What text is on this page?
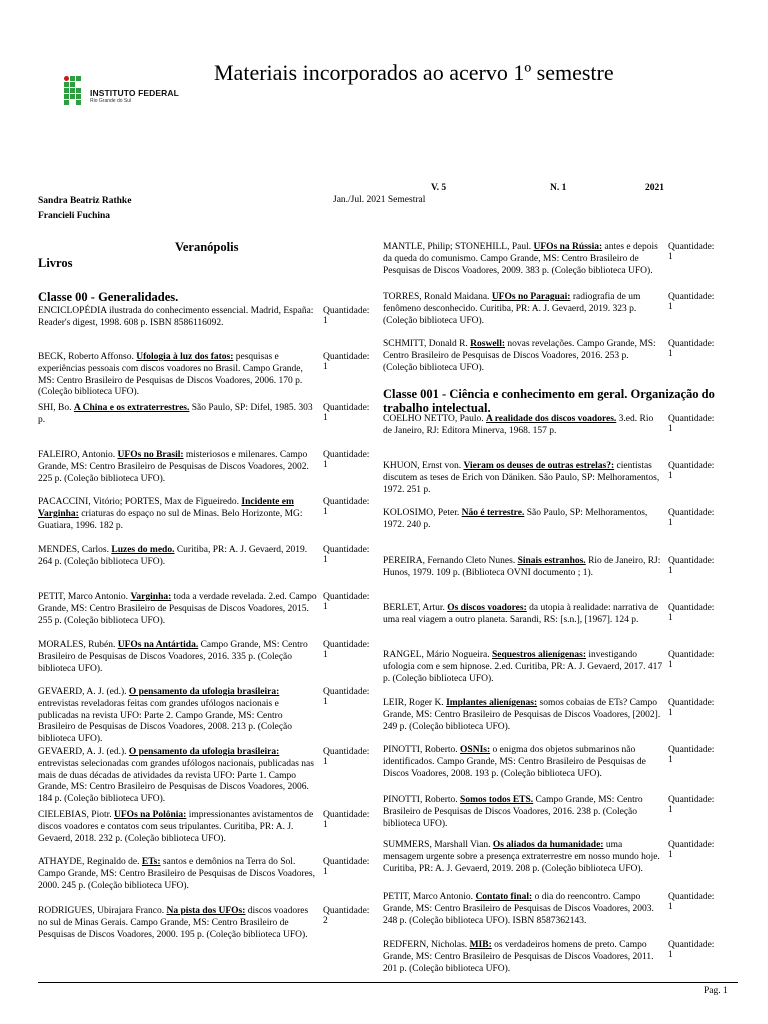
INSTITUTO FEDERAL
Rio Grande do Sul
Materiais incorporados ao acervo 1º semestre
V. 5	N. 1	2021
Sandra Beatriz Rathke	Jan./Jul. 2021 Semestral
Francieli Fuchina
Veranópolis
Livros
Classe 00 - Generalidades.
Classe 001 - Ciência e conhecimento em geral. Organização do trabalho intelectual.
ENCICLOPÉDIA ilustrada do conhecimento essencial. Madrid, España: Reader's digest, 1998. 608 p. ISBN 8586116092.
Quantidade:
1
BECK, Roberto Affonso. Ufologia à luz dos fatos: pesquisas e experiências pessoais com discos voadores no Brasil. Campo Grande, MS: Centro Brasileiro de Pesquisas de Discos Voadores, 2006. 170 p. (Coleção biblioteca UFO).
Quantidade:
1
SHI, Bo. A China e os extraterrestres. São Paulo, SP: Difel, 1985. 303 p.
Quantidade:
1
FALEIRO, Antonio. UFOs no Brasil: misteriosos e milenares. Campo Grande, MS: Centro Brasileiro de Pesquisas de Discos Voadores, 2002. 225 p. (Coleção biblioteca UFO).
Quantidade:
1
PACACCINI, Vitório; PORTES, Max de Figueiredo. Incidente em Varginha: criaturas do espaço no sul de Minas. Belo Horizonte, MG: Guatiara, 1996. 182 p.
Quantidade:
1
MENDES, Carlos. Luzes do medo. Curitiba, PR: A. J. Gevaerd, 2019. 264 p. (Coleção biblioteca UFO).
Quantidade:
1
PETIT, Marco Antonio. Varginha: toda a verdade revelada. 2.ed. Campo Grande, MS: Centro Brasileiro de Pesquisas de Discos Voadores, 2015. 255 p. (Coleção biblioteca UFO).
Quantidade:
1
MORALES, Rubén. UFOs na Antártida. Campo Grande, MS: Centro Brasileiro de Pesquisas de Discos Voadores, 2016. 335 p. (Coleção biblioteca UFO).
Quantidade:
1
GEVAERD, A. J. (ed.). O pensamento da ufologia brasileira: entrevistas reveladoras feitas com grandes ufólogos nacionais e publicadas na revista UFO: Parte 2. Campo Grande, MS: Centro Brasileiro de Pesquisas de Discos Voadores, 2008. 213 p. (Coleção biblioteca UFO).
Quantidade:
1
GEVAERD, A. J. (ed.). O pensamento da ufologia brasileira: entrevistas selecionadas com grandes ufólogos nacionais, publicadas nas mais de duas décadas de atividades da revista UFO: Parte 1. Campo Grande, MS: Centro Brasileiro de Pesquisas de Discos Voadores, 2006. 184 p. (Coleção biblioteca UFO).
Quantidade:
1
CIELEBIAS, Piotr. UFOs na Polônia: impressionantes avistamentos de discos voadores e contatos com seus tripulantes. Curitiba, PR: A. J. Gevaerd, 2018. 232 p. (Coleção biblioteca UFO).
Quantidade:
1
ATHAYDE, Reginaldo de. ETs: santos e demônios na Terra do Sol. Campo Grande, MS: Centro Brasileiro de Pesquisas de Discos Voadores, 2000. 245 p. (Coleção biblioteca UFO).
Quantidade:
1
RODRIGUES, Ubirajara Franco. Na pista dos UFOs: discos voadores no sul de Minas Gerais. Campo Grande, MS: Centro Brasileiro de Pesquisas de Discos Voadores, 2000. 195 p. (Coleção biblioteca UFO).
Quantidade:
2
MANTLE, Philip; STONEHILL, Paul. UFOs na Rússia: antes e depois da queda do comunismo. Campo Grande, MS: Centro Brasileiro de Pesquisas de Discos Voadores, 2009. 383 p. (Coleção biblioteca UFO).
Quantidade:
1
TORRES, Ronald Maidana. UFOs no Paraguai: radiografia de um fenômeno desconhecido. Curitiba, PR: A. J. Gevaerd, 2019. 323 p. (Coleção biblioteca UFO).
Quantidade:
1
SCHMITT, Donald R. Roswell: novas revelações. Campo Grande, MS: Centro Brasileiro de Pesquisas de Discos Voadores, 2016. 253 p. (Coleção biblioteca UFO).
Quantidade:
1
COELHO NETTO, Paulo. A realidade dos discos voadores. 3.ed. Rio de Janeiro, RJ: Editora Minerva, 1968. 157 p.
Quantidade:
1
KHUON, Ernst von. Vieram os deuses de outras estrelas?: cientistas discutem as teses de Erich von Däniken. São Paulo, SP: Melhoramentos, 1972. 251 p.
Quantidade:
1
KOLOSIMO, Peter. Não é terrestre. São Paulo, SP: Melhoramentos, 1972. 240 p.
Quantidade:
1
PEREIRA, Fernando Cleto Nunes. Sinais estranhos. Rio de Janeiro, RJ: Hunos, 1979. 109 p. (Biblioteca OVNI documento ; 1).
Quantidade:
1
BERLET, Artur. Os discos voadores: da utopia à realidade: narrativa de uma real viagem a outro planeta. Sarandi, RS: [s.n.], [1967]. 124 p.
Quantidade:
1
RANGEL, Mário Nogueira. Sequestros alienígenas: investigando ufologia com e sem hipnose. 2.ed. Curitiba, PR: A. J. Gevaerd, 2017. 417 p. (Coleção biblioteca UFO).
Quantidade:
1
LEIR, Roger K. Implantes alienígenas: somos cobaias de ETs? Campo Grande, MS: Centro Brasileiro de Pesquisas de Discos Voadores, [2002]. 249 p. (Coleção biblioteca UFO).
Quantidade:
1
PINOTTI, Roberto. OSNIs: o enigma dos objetos submarinos não identificados. Campo Grande, MS: Centro Brasileiro de Pesquisas de Discos Voadores, 2008. 193 p. (Coleção biblioteca UFO).
Quantidade:
1
PINOTTI, Roberto. Somos todos ETS. Campo Grande, MS: Centro Brasileiro de Pesquisas de Discos Voadores, 2016. 238 p. (Coleção biblioteca UFO).
Quantidade:
1
SUMMERS, Marshall Vian. Os aliados da humanidade: uma mensagem urgente sobre a presença extraterrestre em nosso mundo hoje. Curitiba, PR: A. J. Gevaerd, 2019. 208 p. (Coleção biblioteca UFO).
Quantidade:
1
PETIT, Marco Antonio. Contato final: o dia do reencontro. Campo Grande, MS: Centro Brasileiro de Pesquisas de Discos Voadores, 2003. 248 p. (Coleção biblioteca UFO). ISBN 8587362143.
Quantidade:
1
REDFERN, Nicholas. MIB: os verdadeiros homens de preto. Campo Grande, MS: Centro Brasileiro de Pesquisas de Discos Voadores, 2011. 201 p. (Coleção biblioteca UFO).
Quantidade:
1
Pag. 1
